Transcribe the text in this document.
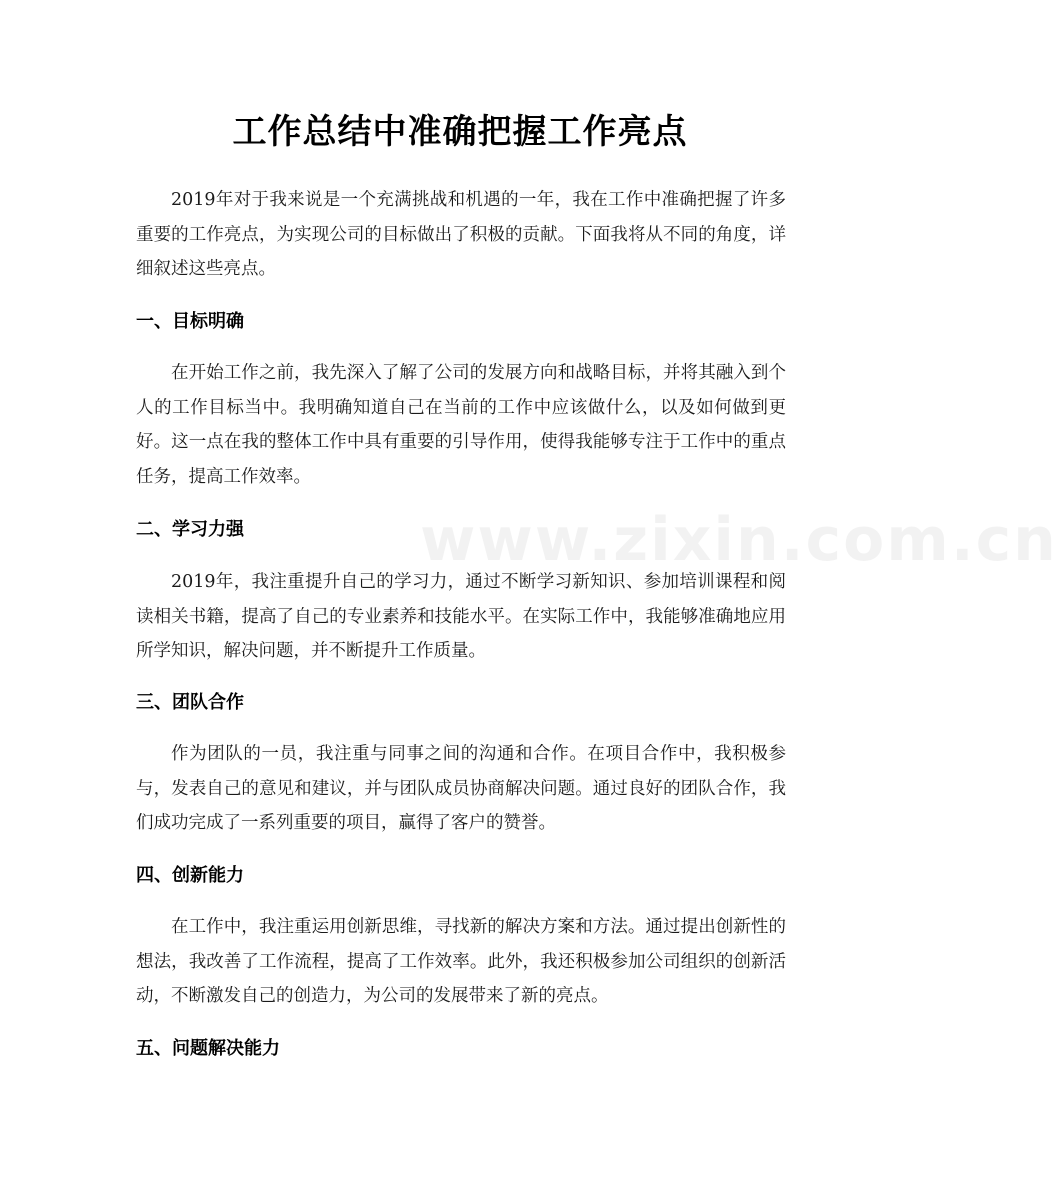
工作总结中准确把握工作亮点

2019年对于我来说是一个充满挑战和机遇的一年，我在工作中准确把握了许多重要的工作亮点，为实现公司的目标做出了积极的贡献。下面我将从不同的角度，详细叙述这些亮点。

一、目标明确

在开始工作之前，我先深入了解了公司的发展方向和战略目标，并将其融入到个人的工作目标当中。我明确知道自己在当前的工作中应该做什么，以及如何做到更好。这一点在我的整体工作中具有重要的引导作用，使得我能够专注于工作中的重点任务，提高工作效率。

二、学习力强

2019年，我注重提升自己的学习力，通过不断学习新知识、参加培训课程和阅读相关书籍，提高了自己的专业素养和技能水平。在实际工作中，我能够准确地应用所学知识，解决问题，并不断提升工作质量。

三、团队合作

作为团队的一员，我注重与同事之间的沟通和合作。在项目合作中，我积极参与，发表自己的意见和建议，并与团队成员协商解决问题。通过良好的团队合作，我们成功完成了一系列重要的项目，赢得了客户的赞誉。

四、创新能力

在工作中，我注重运用创新思维，寻找新的解决方案和方法。通过提出创新性的想法，我改善了工作流程，提高了工作效率。此外，我还积极参加公司组织的创新活动，不断激发自己的创造力，为公司的发展带来了新的亮点。

五、问题解决能力
www.zixin.com.cn
